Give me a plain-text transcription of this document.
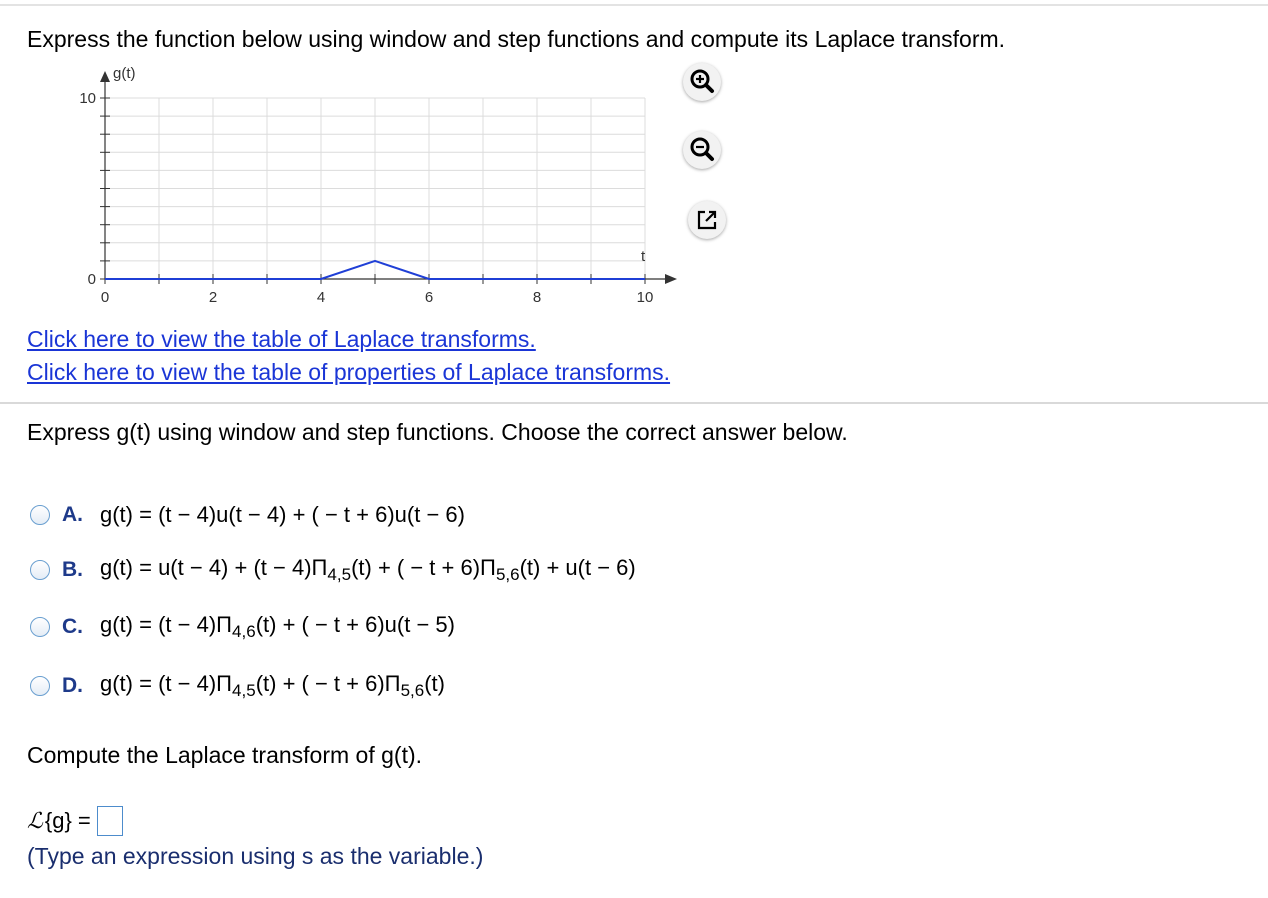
Express the function below using window and step functions and compute its Laplace transform.
0	2	4	6	8	10
0
10
g(t)
t
Click here to view the table of Laplace transforms.
Click here to view the table of properties of Laplace transforms.
Express g(t) using window and step functions. Choose the correct answer below.
A. g(t) = (t − 4)u(t − 4) + ( − t + 6)u(t − 6)
B. $g(t) = u(t - 4) + (t - 4)\Pi_{4,5}(t)$ + ( − $t + 6)\Pi_{5,6}(t) + u(t - 6)$
C. $g(t) = (t - 4)\Pi_{4,6}(t)$ + ( − t + 6)u(t − 5)
D. $g(t) = (t - 4)\Pi_{4,5}(t)$ + ( − $t + 6)\Pi_{5,6}(t)$
Compute the Laplace transform of g(t).
ℒ {g} =
(Type an expression using s as the variable.)
